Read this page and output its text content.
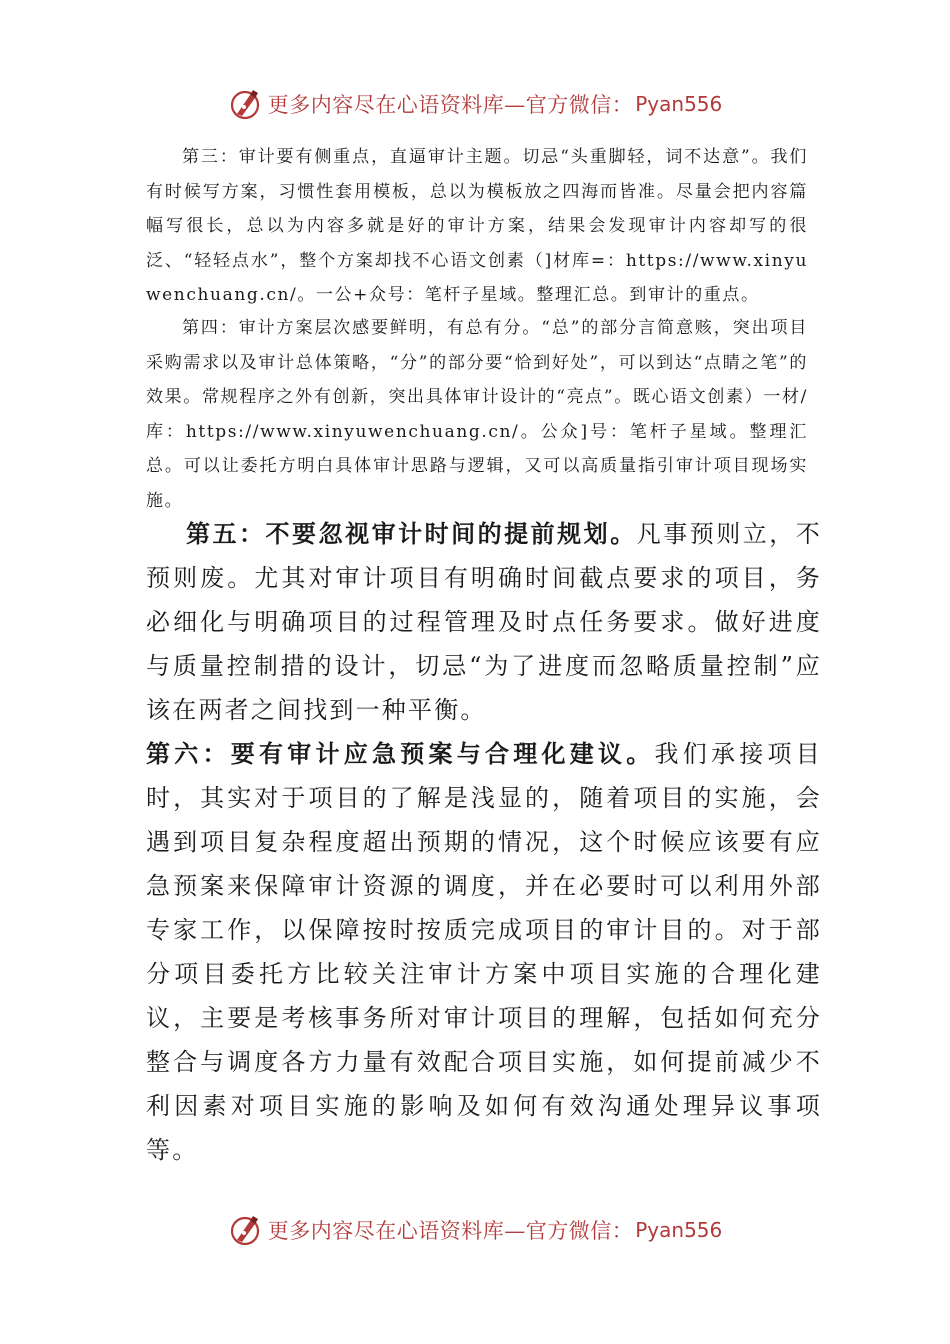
更多内容尽在心语资料库—官方微信： Pyan556

第三：审计要有侧重点，直逼审计主题。切忌“头重脚轻，词不达意”。我们有时候写方案，习惯性套用模板，总以为模板放之四海而皆准。尽量会把内容篇幅写很长，总以为内容多就是好的审计方案，结果会发现审计内容却写的很泛、“轻轻点水”，整个方案却找不心语文创素（]材库=：https://www.xinyuwenchuang.cn/。一公+众号：笔杆子星域。整理汇总。到审计的重点。

第四：审计方案层次感要鲜明，有总有分。“总”的部分言简意赅，突出项目采购需求以及审计总体策略，“分”的部分要“恰到好处”，可以到达“点睛之笔”的效果。常规程序之外有创新，突出具体审计设计的“亮点”。既心语文创素）一材/库：https://www.xinyuwenchuang.cn/。公众]号：笔杆子星域。整理汇总。可以让委托方明白具体审计思路与逻辑，又可以高质量指引审计项目现场实施。

第五：不要忽视审计时间的提前规划。凡事预则立，不预则废。尤其对审计项目有明确时间截点要求的项目，务必细化与明确项目的过程管理及时点任务要求。做好进度与质量控制措的设计，切忌“为了进度而忽略质量控制”应该在两者之间找到一种平衡。

第六：要有审计应急预案与合理化建议。我们承接项目时，其实对于项目的了解是浅显的，随着项目的实施，会遇到项目复杂程度超出预期的情况，这个时候应该要有应急预案来保障审计资源的调度，并在必要时可以利用外部专家工作，以保障按时按质完成项目的审计目的。对于部分项目委托方比较关注审计方案中项目实施的合理化建议，主要是考核事务所对审计项目的理解，包括如何充分整合与调度各方力量有效配合项目实施，如何提前减少不利因素对项目实施的影响及如何有效沟通处理异议事项等。

更多内容尽在心语资料库—官方微信： Pyan556
